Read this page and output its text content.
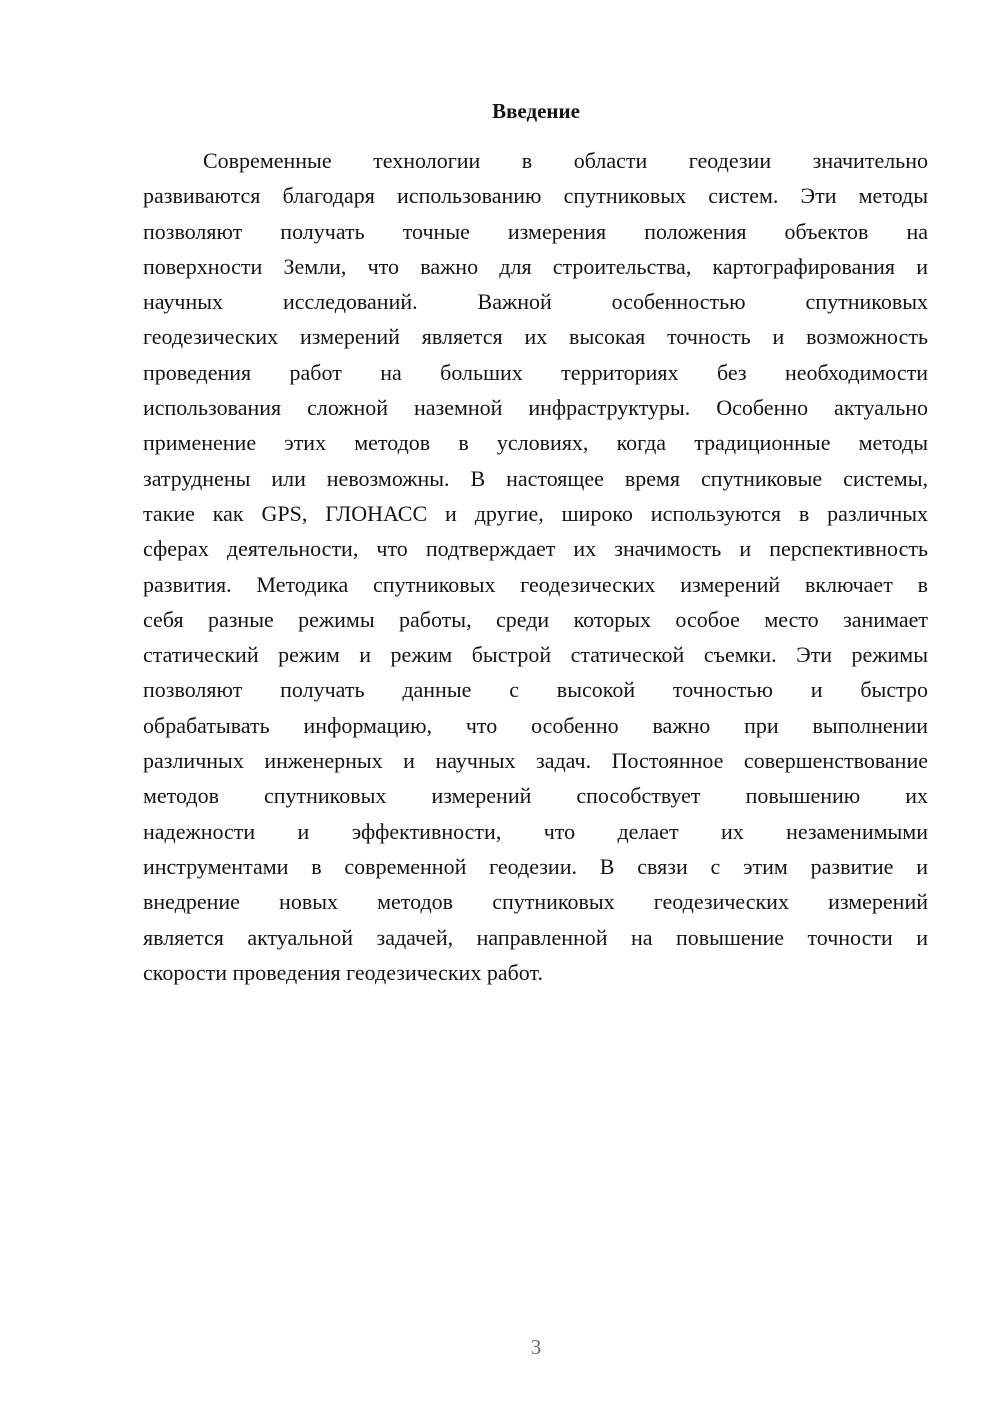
Введение
Современные технологии в области геодезии значительно
развиваются благодаря использованию спутниковых систем. Эти методы
позволяют получать точные измерения положения объектов на
поверхности Земли, что важно для строительства, картографирования и
научных исследований. Важной особенностью спутниковых
геодезических измерений является их высокая точность и возможность
проведения работ на больших территориях без необходимости
использования сложной наземной инфраструктуры. Особенно актуально
применение этих методов в условиях, когда традиционные методы
затруднены или невозможны. В настоящее время спутниковые системы,
такие как GPS, ГЛОНАСС и другие, широко используются в различных
сферах деятельности, что подтверждает их значимость и перспективность
развития. Методика спутниковых геодезических измерений включает в
себя разные режимы работы, среди которых особое место занимает
статический режим и режим быстрой статической съемки. Эти режимы
позволяют получать данные с высокой точностью и быстро
обрабатывать информацию, что особенно важно при выполнении
различных инженерных и научных задач. Постоянное совершенствование
методов спутниковых измерений способствует повышению их
надежности и эффективности, что делает их незаменимыми
инструментами в современной геодезии. В связи с этим развитие и
внедрение новых методов спутниковых геодезических измерений
является актуальной задачей, направленной на повышение точности и
скорости проведения геодезических работ.
3
